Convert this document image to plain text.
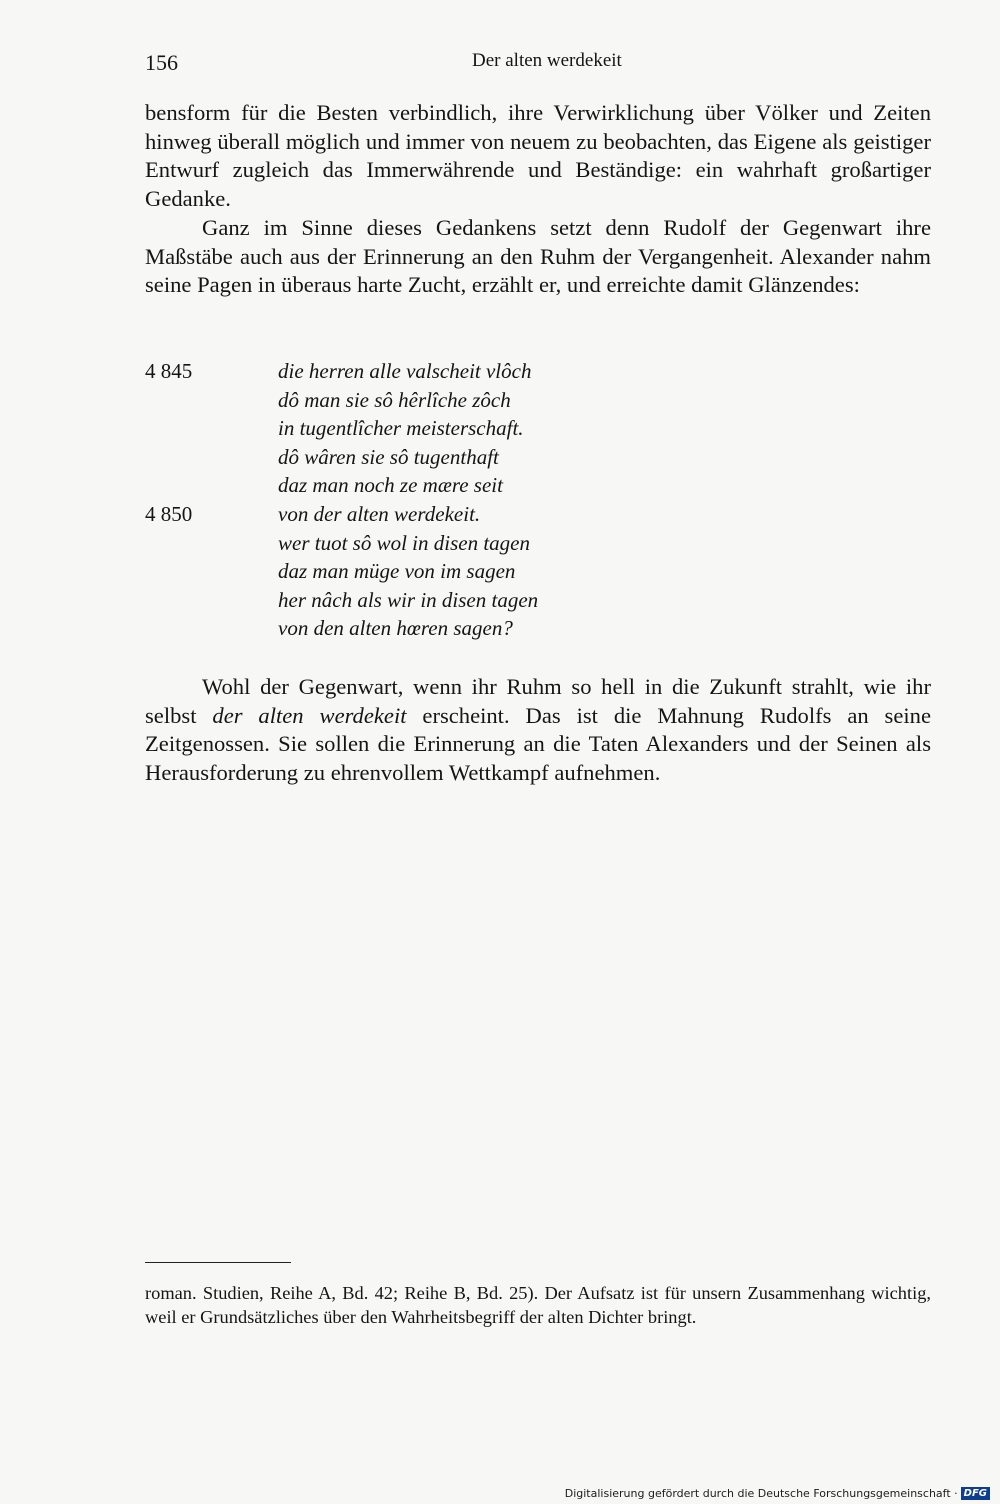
156	Der alten werdekeit
bensform für die Besten verbindlich, ihre Verwirklichung über Völker und Zeiten hinweg überall möglich und immer von neuem zu beobachten, das Eigene als geistiger Entwurf zugleich das Immerwährende und Beständige: ein wahrhaft großartiger Gedanke.
Ganz im Sinne dieses Gedankens setzt denn Rudolf der Gegenwart ihre Maßstäbe auch aus der Erinnerung an den Ruhm der Vergangenheit. Alexander nahm seine Pagen in überaus harte Zucht, erzählt er, und erreichte damit Glänzendes:
4 845	die herren alle valscheit vlôch
dô man sie sô hêrlîche zôch
in tugentlîcher meisterschaft.
dô wâren sie sô tugenthaft
daz man noch ze mære seit
4 850	von der alten werdekeit.
wer tuot sô wol in disen tagen
daz man müge von im sagen
her nâch als wir in disen tagen
von den alten hœren sagen?
Wohl der Gegenwart, wenn ihr Ruhm so hell in die Zukunft strahlt, wie ihr selbst der alten werdekeit erscheint. Das ist die Mahnung Rudolfs an seine Zeitgenossen. Sie sollen die Erinnerung an die Taten Alexanders und der Seinen als Herausforderung zu ehrenvollem Wettkampf aufnehmen.
roman. Studien, Reihe A, Bd. 42; Reihe B, Bd. 25). Der Aufsatz ist für unsern Zusammenhang wichtig, weil er Grundsätzliches über den Wahrheitsbegriff der alten Dichter bringt.
Digitalisierung gefördert durch die Deutsche Forschungsgemeinschaft · DFG
